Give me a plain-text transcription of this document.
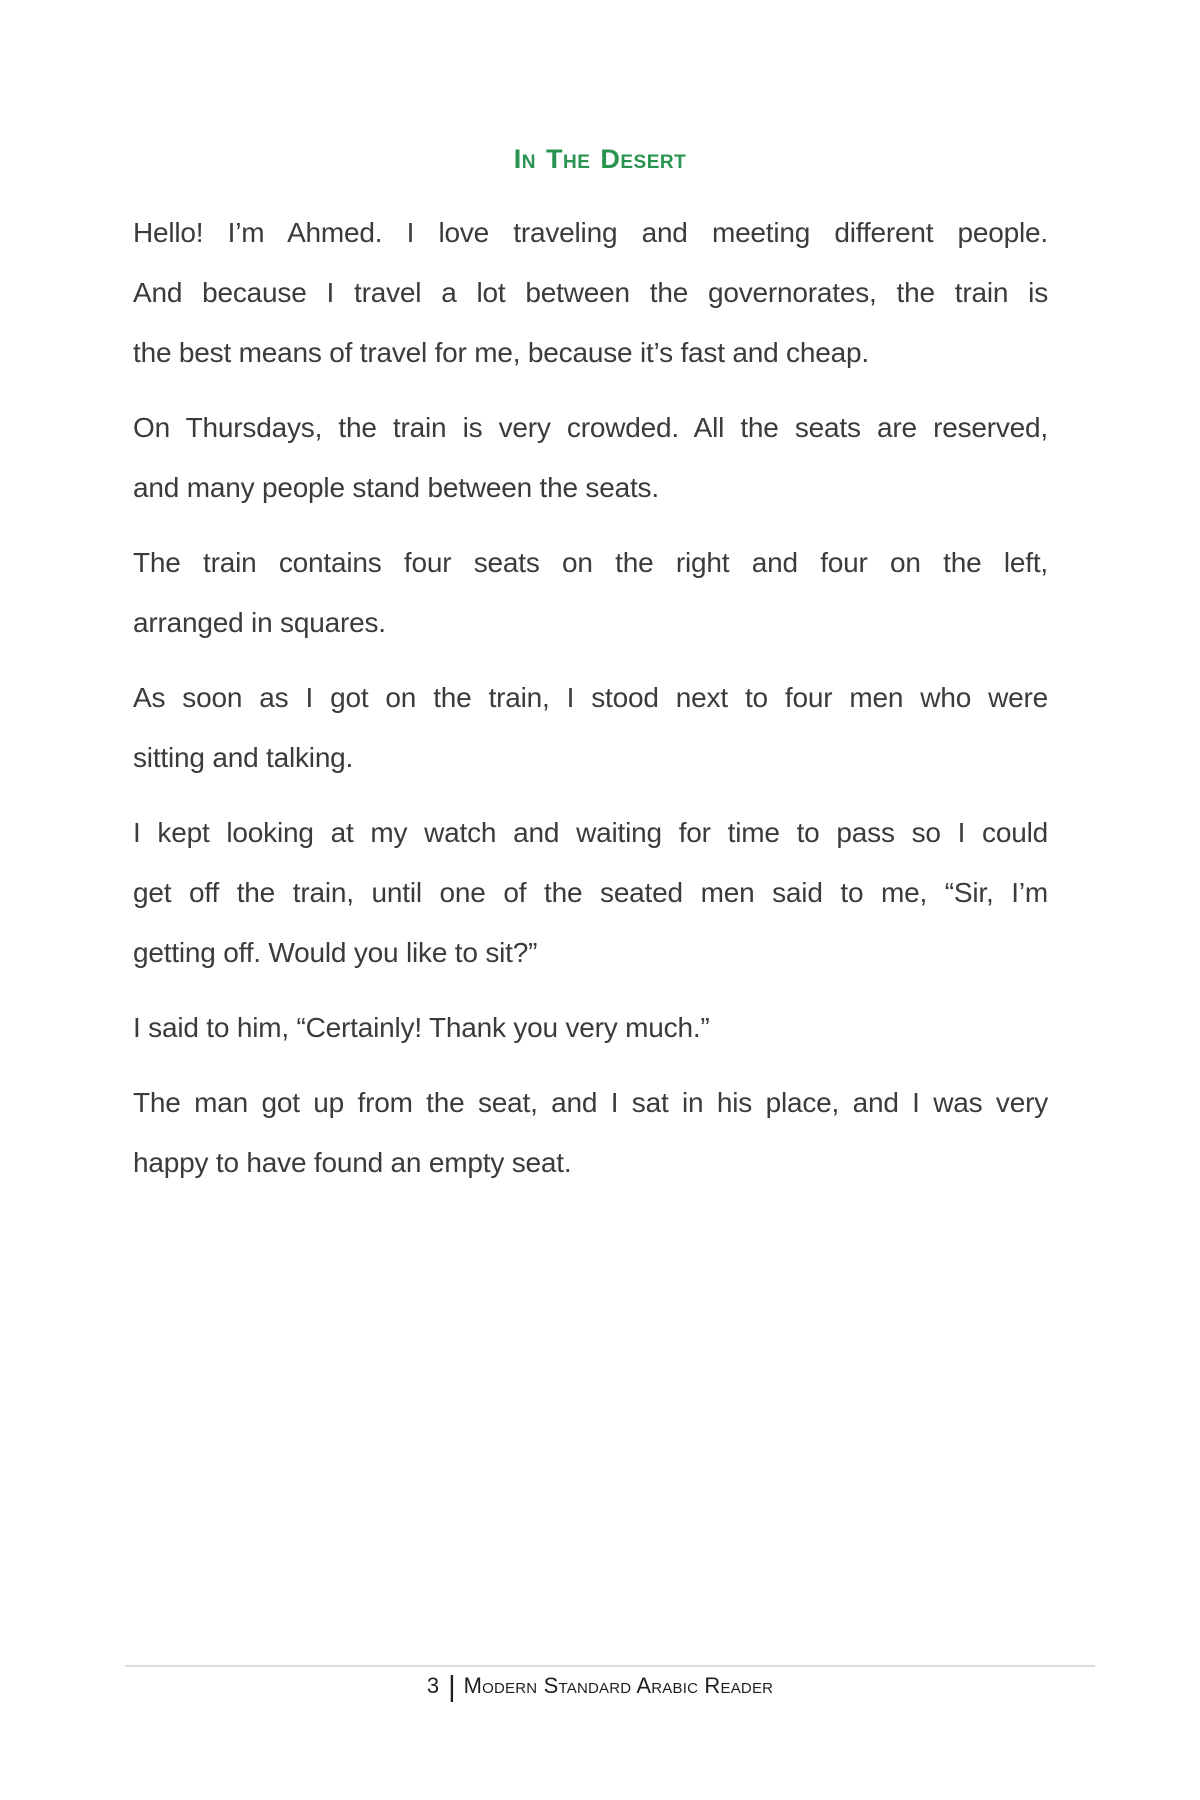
In The Desert
Hello! I’m Ahmed. I love traveling and meeting different people.
And because I travel a lot between the governorates, the train is
the best means of travel for me, because it’s fast and cheap.
On Thursdays, the train is very crowded. All the seats are reserved,
and many people stand between the seats.
The train contains four seats on the right and four on the left,
arranged in squares.
As soon as I got on the train, I stood next to four men who were
sitting and talking.
I kept looking at my watch and waiting for time to pass so I could
get off the train, until one of the seated men said to me, “Sir, I’m
getting off. Would you like to sit?”
I said to him, “Certainly! Thank you very much.”
The man got up from the seat, and I sat in his place, and I was very
happy to have found an empty seat.
3 | Modern Standard Arabic Reader
